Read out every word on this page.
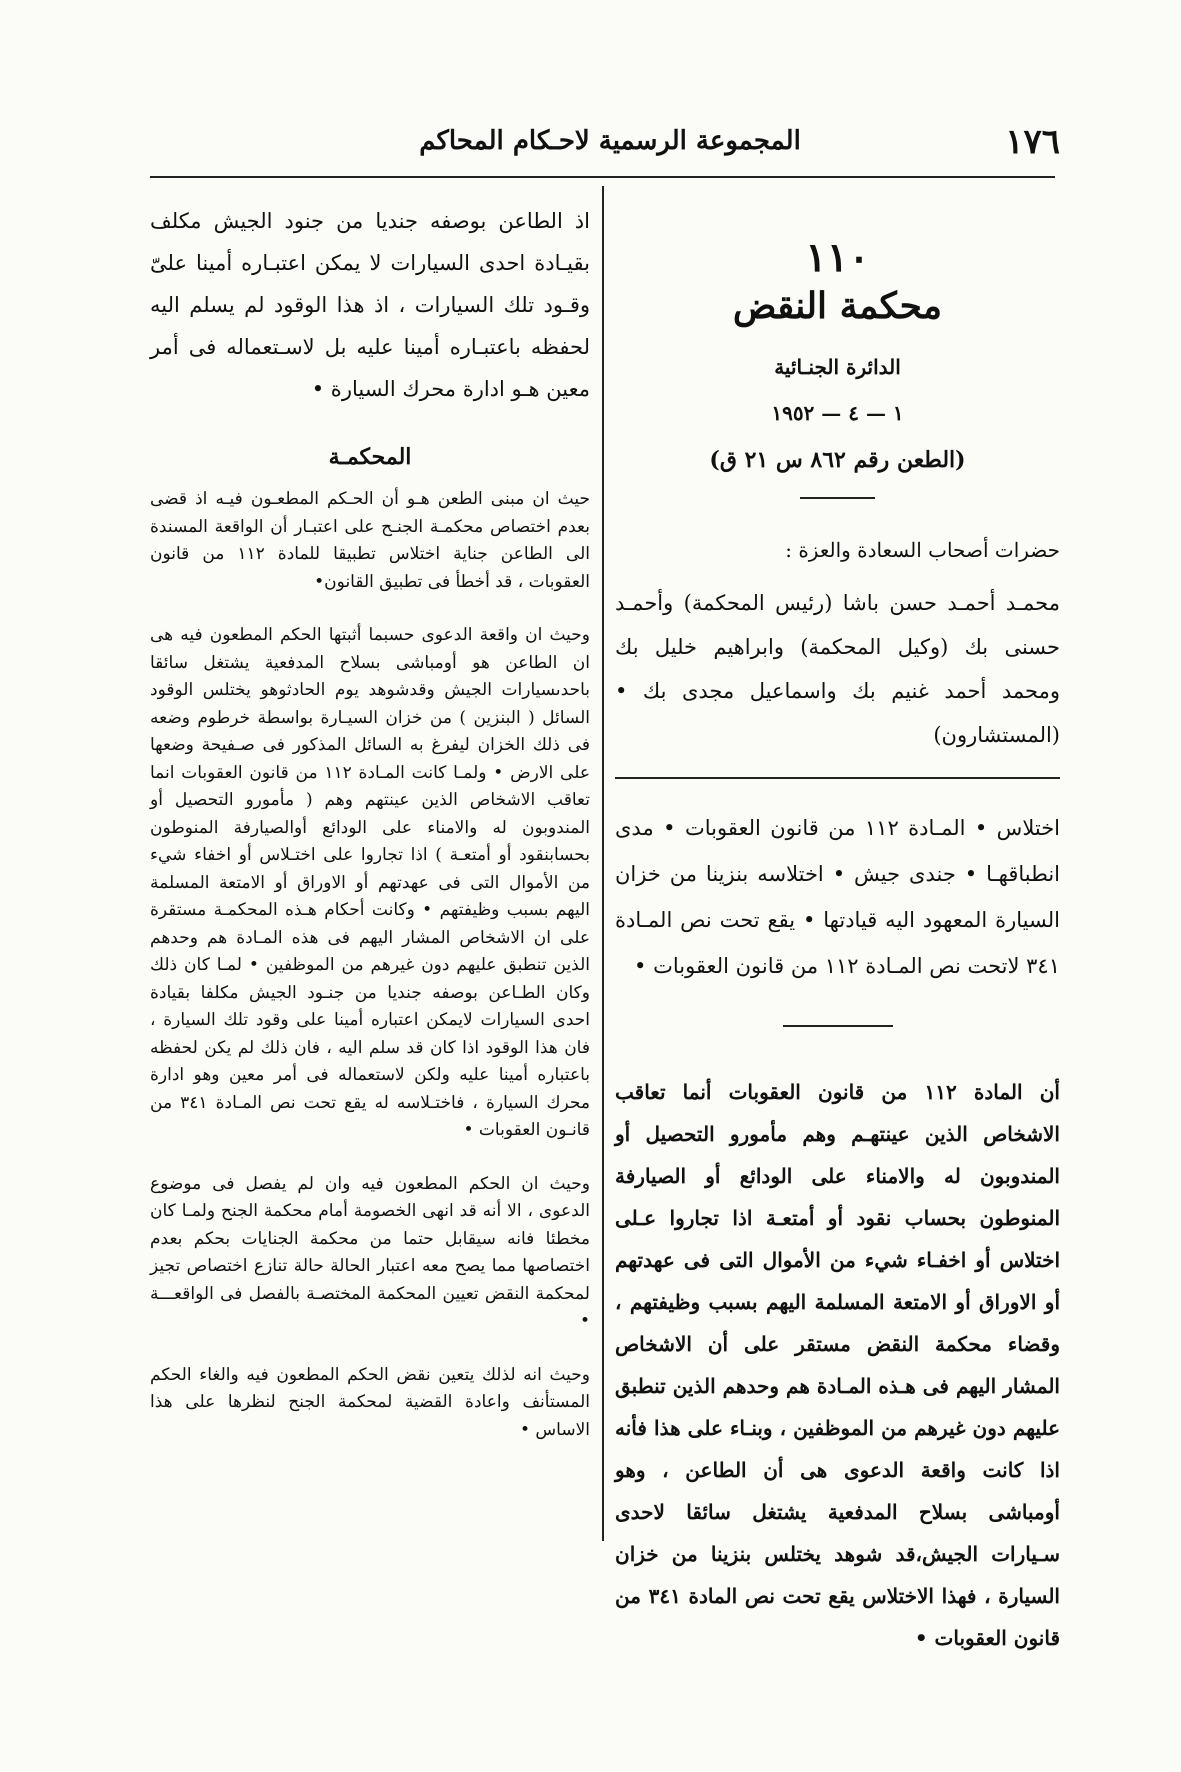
١٧٦
المجموعة الرسمية لاحـكام المحاكم
١١٠
محكمة النقض
الدائرة الجنـائية
١ — ٤ — ١٩٥٢
(الطعن رقم ٨٦٢ س ٢١ ق)

حضرات أصحاب السعادة والعزة :

محمـد أحمـد حسن باشا (رئيس المحكمة) وأحمـد حسنى بك (وكيل المحكمة) وابراهيم خليل بك ومحمد أحمد غنيم بك واسماعيل مجدى بك • (المستشارون)

اختلاس • المـادة ١١٢ من قانون العقوبات • مدى انطباقهـا • جندى جيش • اختلاسه بنزينا من خزان السيارة المعهود اليه قيادتها • يقع تحت نص المـادة ٣٤١ لاتحت نص المـادة ١١٢ من قانون العقوبات •

أن المادة ١١٢ من قانون العقوبات أنما تعاقب الاشخاص الذين عينتهـم وهم مأمورو التحصيل أو المندوبون له والامناء على الودائع أو الصيارفة المنوطون بحساب نقود أو أمتعـة اذا تجاروا عـلى اختلاس أو اخفـاء شيء من الأموال التى فى عهدتهم أو الاوراق أو الامتعة المسلمة اليهم بسبب وظيفتهم ، وقضاء محكمة النقض مستقر على أن الاشخاص المشار اليهم فى هـذه المـادة هم وحدهم الذين تنطبق عليهم دون غيرهم من الموظفين ، وبنـاء على هذا فأنه اذا كانت واقعة الدعوى هى أن الطاعن ، وهو أومباشى بسلاح المدفعية يشتغل سائقا لاحدى سـيارات الجيش،قد شوهد يختلس بنزينا من خزان السيارة ، فهذا الاختلاس يقع تحت نص المادة ٣٤١ من قانون العقوبات •

اذ الطاعن بوصفه جنديا من جنود الجيش مكلف بقيـادة احدى السيارات لا يمكن اعتبـاره أمينا علىّ وقـود تلك السيارات ، اذ هذا الوقود لم يسلم اليه لحفظه باعتبـاره أمينا عليه بل لاسـتعماله فى أمر معين هـو ادارة محرك السيارة •

المحكمـة

حيث ان مبنى الطعن هـو أن الحـكم المطعـون فيـه اذ قضى بعدم اختصاص محكمـة الجنـح على اعتبـار أن الواقعة المسندة الى الطاعن جناية اختلاس تطبيقا للمادة ١١٢ من قانون العقوبات ، قد أخطأ فى تطبيق القانون•

وحيث ان واقعة الدعوى حسبما أثبتها الحكم المطعون فيه هى ان الطاعن هو أومباشى بسلاح المدفعية يشتغل سائقا باحدىسيارات الجيش وقدشوهد يوم الحادثوهو يختلس الوقود السائل ( البنزين ) من خزان السيـارة بواسطة خرطوم وضعه فى ذلك الخزان ليفرغ به السائل المذكور فى صـفيحة وضعها على الارض • ولمـا كانت المـادة ١١٢ من قانون العقوبات انما تعاقب الاشخاص الذين عينتهم وهم ( مأمورو التحصيل أو المندوبون له والامناء على الودائع أوالصيارفة المنوطون بحسابنقود أو أمتعـة ) اذا تجاروا على اختـلاس أو اخفاء شيء من الأموال التى فى عهدتهم أو الاوراق أو الامتعة المسلمة اليهم بسبب وظيفتهم • وكانت أحكام هـذه المحكمـة مستقرة على ان الاشخاص المشار اليهم فى هذه المـادة هم وحدهم الذين تنطبق عليهم دون غيرهم من الموظفين • لمـا كان ذلك وكان الطـاعن بوصفه جنديا من جنـود الجيش مكلفا بقيادة احدى السيارات لايمكن اعتباره أمينا على وقود تلك السيارة ، فان هذا الوقود اذا كان قد سلم اليه ، فان ذلك لم يكن لحفظه باعتباره أمينا عليه ولكن لاستعماله فى أمر معين وهو ادارة محرك السيارة ، فاختـلاسه له يقع تحت نص المـادة ٣٤١ من قانـون العقوبات •

وحيث ان الحكم المطعون فيه وان لم يفصل فى موضوع الدعوى ، الا أنه قد انهى الخصومة أمام محكمة الجنح ولمـا كان مخطئا فانه سيقابل حتما من محكمة الجنايات بحكم بعدم اختصاصها مما يصح معه اعتبار الحالة حالة تنازع اختصاص تجيز لمحكمة النقض تعيين المحكمة المختصـة بالفصل فى الواقعـــة •

وحيث انه لذلك يتعين نقض الحكم المطعون فيه والغاء الحكم المستأنف واعادة القضية لمحكمة الجنح لنظرها على هذا الاساس •
